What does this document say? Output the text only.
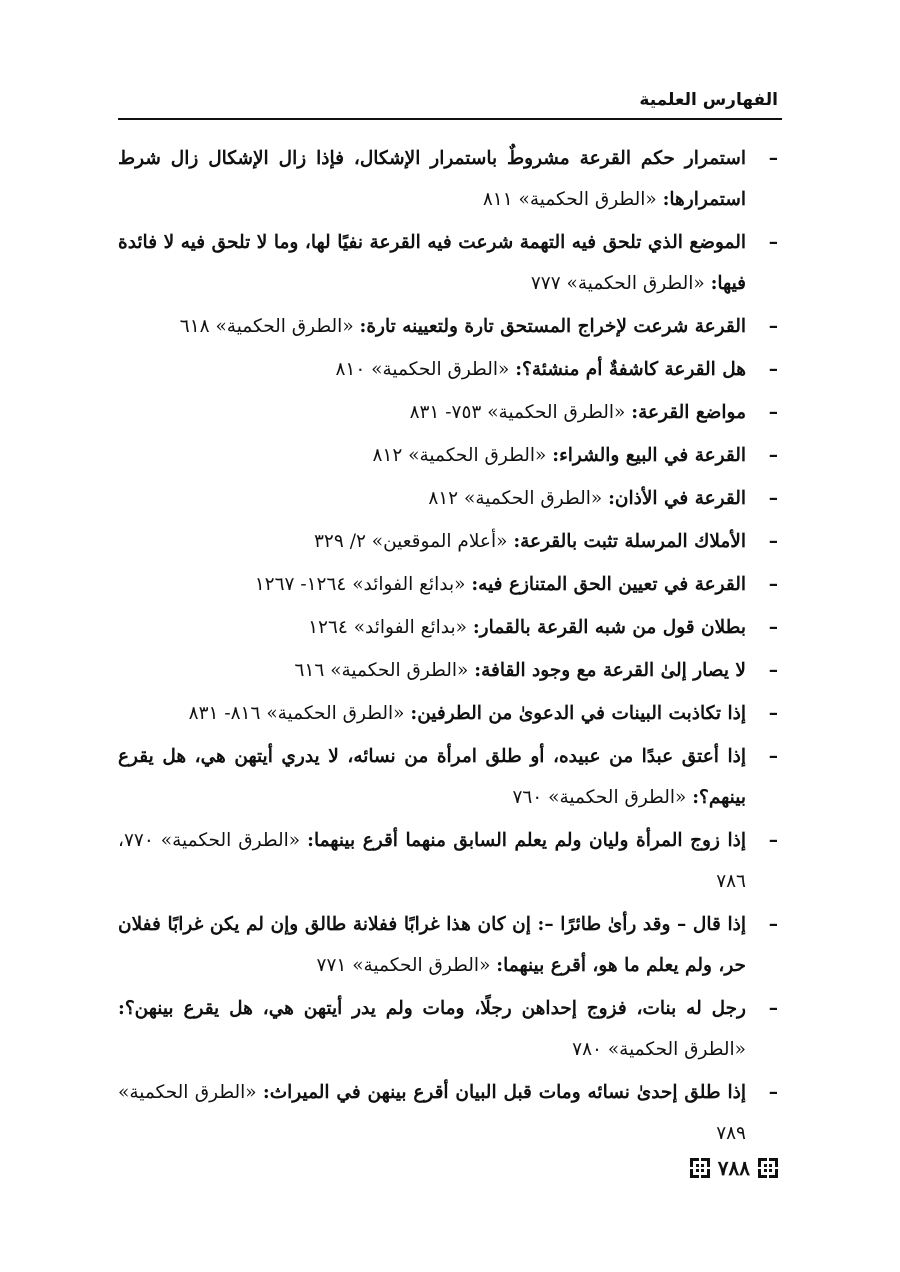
الفهارس العلمية
–
استمرار حكم القرعة مشروطٌ باستمرار الإشكال، فإذا زال الإشكال زال شرط استمرارها: «الطرق الحكمية» ٨١١
–
الموضع الذي تلحق فيه التهمة شرعت فيه القرعة نفيًا لها، وما لا تلحق فيه لا فائدة فيها: «الطرق الحكمية» ٧٧٧
–
القرعة شرعت لإخراج المستحق تارة ولتعيينه تارة: «الطرق الحكمية» ٦١٨
–
هل القرعة كاشفةٌ أم منشئة؟: «الطرق الحكمية» ٨١٠
–
مواضع القرعة: «الطرق الحكمية» ٧٥٣- ٨٣١
–
القرعة في البيع والشراء: «الطرق الحكمية» ٨١٢
–
القرعة في الأذان: «الطرق الحكمية» ٨١٢
–
الأملاك المرسلة تثبت بالقرعة: «أعلام الموقعين» ٢/ ٣٢٩
–
القرعة في تعيين الحق المتنازع فيه: «بدائع الفوائد» ١٢٦٤- ١٢٦٧
–
بطلان قول من شبه القرعة بالقمار: «بدائع الفوائد» ١٢٦٤
–
لا يصار إلىٰ القرعة مع وجود القافة: «الطرق الحكمية» ٦١٦
–
إذا تكاذبت البينات في الدعوىٰ من الطرفين: «الطرق الحكمية» ٨١٦- ٨٣١
–
إذا أعتق عبدًا من عبيده، أو طلق امرأة من نسائه، لا يدري أيتهن هي، هل يقرع بينهم؟: «الطرق الحكمية» ٧٦٠
–
إذا زوج المرأة وليان ولم يعلم السابق منهما أقرع بينهما: «الطرق الحكمية» ٧٧٠، ٧٨٦
–
إذا قال – وقد رأىٰ طائرًا –: إن كان هذا غرابًا ففلانة طالق وإن لم يكن غرابًا ففلان حر، ولم يعلم ما هو، أقرع بينهما: «الطرق الحكمية» ٧٧١
–
رجل له بنات، فزوج إحداهن رجلًا، ومات ولم يدر أيتهن هي، هل يقرع بينهن؟: «الطرق الحكمية» ٧٨٠
–
إذا طلق إحدىٰ نسائه ومات قبل البيان أقرع بينهن في الميراث: «الطرق الحكمية» ٧٨٩
٧٨٨
